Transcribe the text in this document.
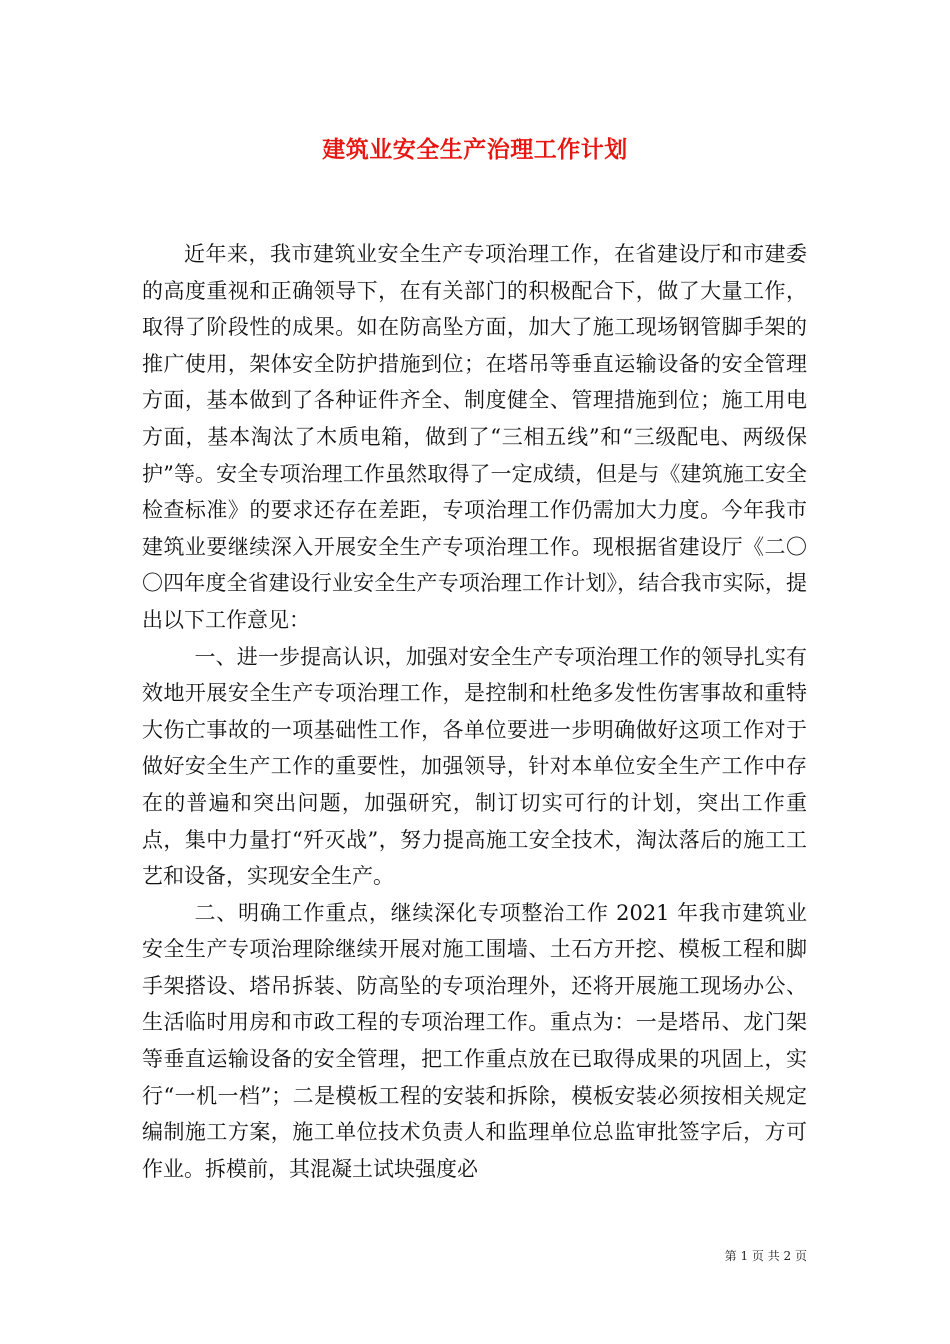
建筑业安全生产治理工作计划

近年来，我市建筑业安全生产专项治理工作，在省建设厅和市建委的高度重视和正确领导下，在有关部门的积极配合下，做了大量工作，取得了阶段性的成果。如在防高坠方面，加大了施工现场钢管脚手架的推广使用，架体安全防护措施到位；在塔吊等垂直运输设备的安全管理方面，基本做到了各种证件齐全、制度健全、管理措施到位；施工用电方面，基本淘汰了木质电箱，做到了“三相五线”和“三级配电、两级保护”等。安全专项治理工作虽然取得了一定成绩，但是与《建筑施工安全检查标准》的要求还存在差距，专项治理工作仍需加大力度。今年我市建筑业要继续深入开展安全生产专项治理工作。现根据省建设厅《二〇〇四年度全省建设行业安全生产专项治理工作计划》，结合我市实际，提出以下工作意见：

一、进一步提高认识，加强对安全生产专项治理工作的领导扎实有效地开展安全生产专项治理工作，是控制和杜绝多发性伤害事故和重特大伤亡事故的一项基础性工作，各单位要进一步明确做好这项工作对于做好安全生产工作的重要性，加强领导，针对本单位安全生产工作中存在的普遍和突出问题，加强研究，制订切实可行的计划，突出工作重点，集中力量打“歼灭战”，努力提高施工安全技术，淘汰落后的施工工艺和设备，实现安全生产。

二、明确工作重点，继续深化专项整治工作 2021 年我市建筑业安全生产专项治理除继续开展对施工围墙、土石方开挖、模板工程和脚手架搭设、塔吊拆装、防高坠的专项治理外，还将开展施工现场办公、生活临时用房和市政工程的专项治理工作。重点为：一是塔吊、龙门架等垂直运输设备的安全管理，把工作重点放在已取得成果的巩固上，实行“一机一档”；二是模板工程的安装和拆除，模板安装必须按相关规定编制施工方案，施工单位技术负责人和监理单位总监审批签字后，方可作业。拆模前，其混凝土试块强度必

第 1 页 共 2 页
